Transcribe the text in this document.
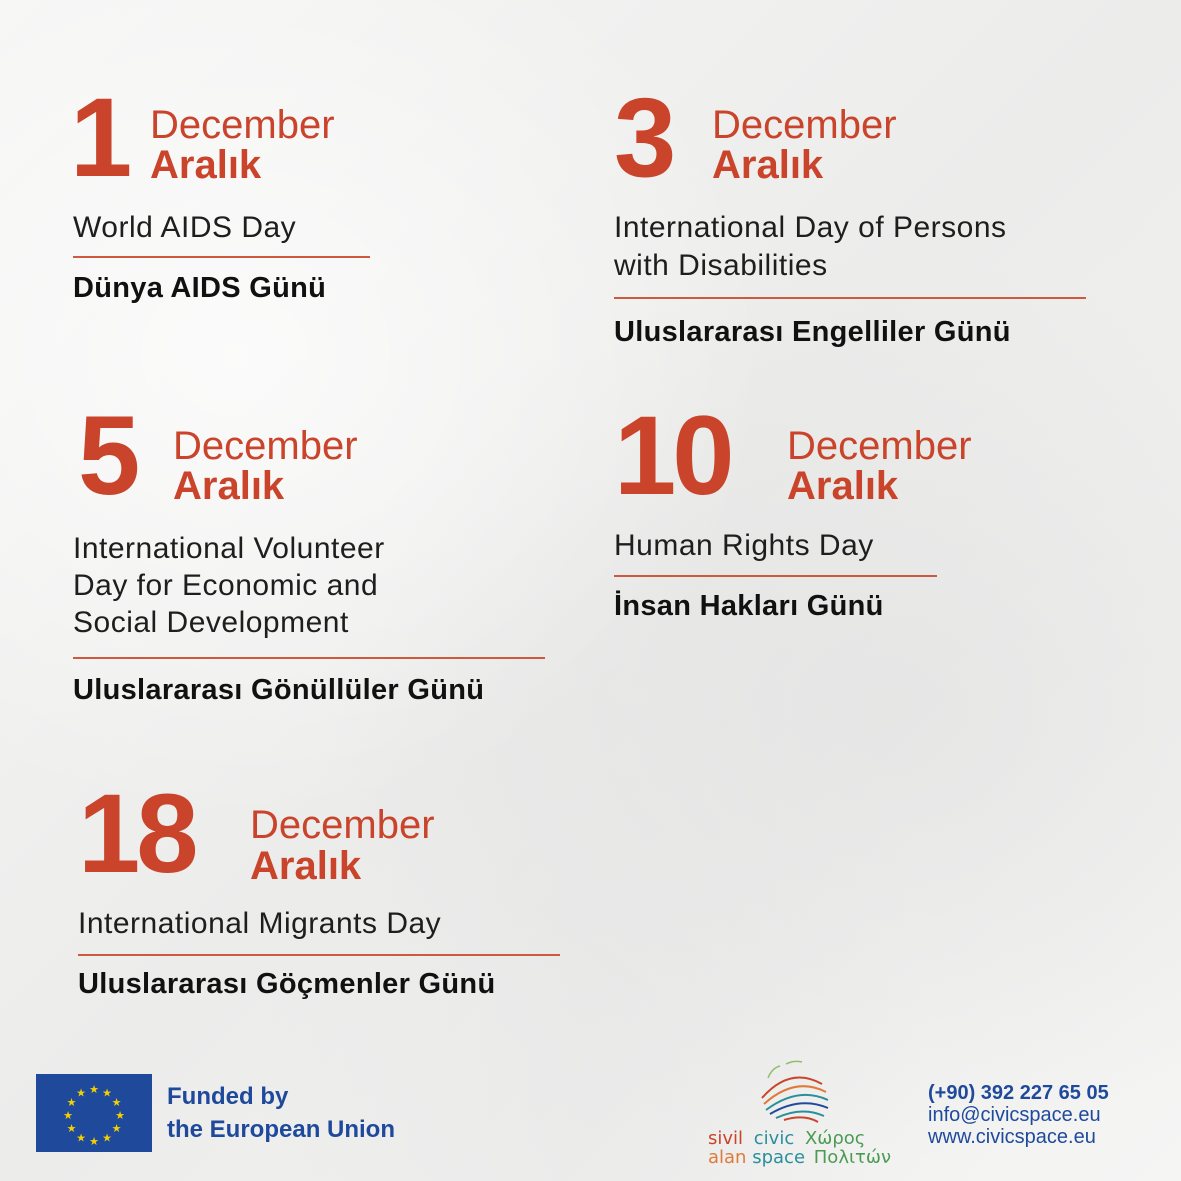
1 December
Aralık
World AIDS Day
Dünya AIDS Günü
3 December
Aralık
International Day of Persons
with Disabilities
Uluslararası Engelliler Günü
5 December
Aralık
International Volunteer
Day for Economic and
Social Development
Uluslararası Gönüllüler Günü
10 December
Aralık
Human Rights Day
İnsan Hakları Günü
18 December
Aralık
International Migrants Day
Uluslararası Göçmenler Günü
★ ★
★
★
★
★
★
★
★
★
★
★	Funded by
the European Union	sivil civic Χώρος
alan space Πολιτών
(+90) 392 227 65 05
info@civicspace.eu
www.civicspace.eu
